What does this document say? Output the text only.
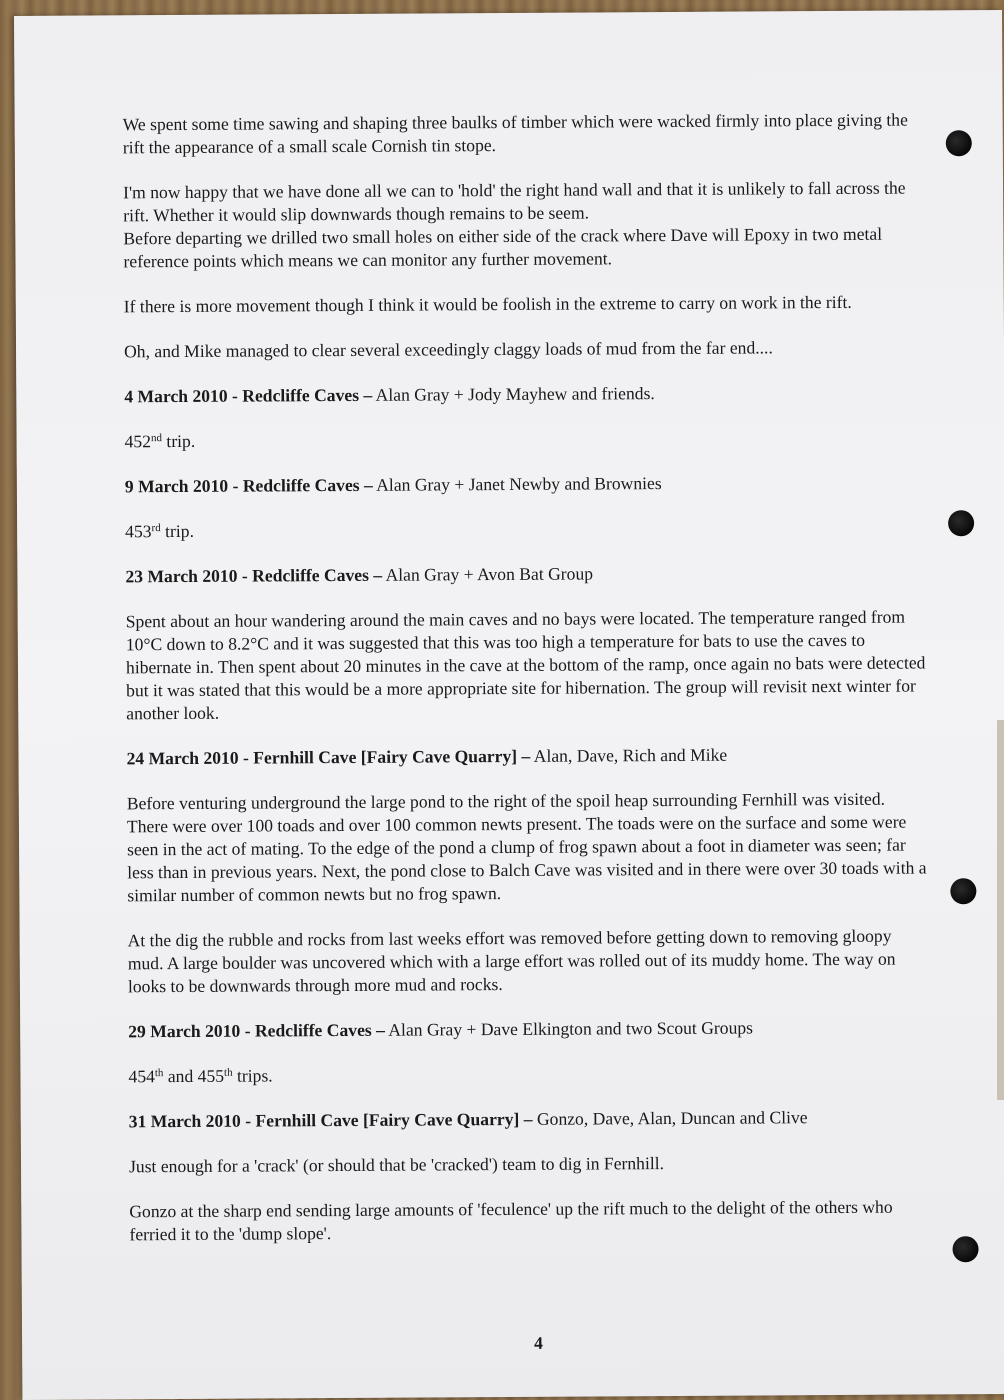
We spent some time sawing and shaping three baulks of timber which were wacked firmly into place giving the rift the appearance of a small scale Cornish tin stope.

I'm now happy that we have done all we can to 'hold' the right hand wall and that it is unlikely to fall across the rift. Whether it would slip downwards though remains to be seem.

Before departing we drilled two small holes on either side of the crack where Dave will Epoxy in two metal reference points which means we can monitor any further movement.

If there is more movement though I think it would be foolish in the extreme to carry on work in the rift.

Oh, and Mike managed to clear several exceedingly claggy loads of mud from the far end....

4 March 2010 - Redcliffe Caves – Alan Gray + Jody Mayhew and friends.

452nd trip.

9 March 2010 - Redcliffe Caves – Alan Gray + Janet Newby and Brownies

453rd trip.

23 March 2010 - Redcliffe Caves – Alan Gray + Avon Bat Group

Spent about an hour wandering around the main caves and no bays were located. The temperature ranged from 10°C down to 8.2°C and it was suggested that this was too high a temperature for bats to use the caves to hibernate in. Then spent about 20 minutes in the cave at the bottom of the ramp, once again no bats were detected but it was stated that this would be a more appropriate site for hibernation. The group will revisit next winter for another look.

24 March 2010 - Fernhill Cave [Fairy Cave Quarry] – Alan, Dave, Rich and Mike

Before venturing underground the large pond to the right of the spoil heap surrounding Fernhill was visited. There were over 100 toads and over 100 common newts present. The toads were on the surface and some were seen in the act of mating. To the edge of the pond a clump of frog spawn about a foot in diameter was seen; far less than in previous years. Next, the pond close to Balch Cave was visited and in there were over 30 toads with a similar number of common newts but no frog spawn.

At the dig the rubble and rocks from last weeks effort was removed before getting down to removing gloopy mud. A large boulder was uncovered which with a large effort was rolled out of its muddy home. The way on looks to be downwards through more mud and rocks.

29 March 2010 - Redcliffe Caves – Alan Gray + Dave Elkington and two Scout Groups

454th and 455th trips.

31 March 2010 - Fernhill Cave [Fairy Cave Quarry] – Gonzo, Dave, Alan, Duncan and Clive

Just enough for a 'crack' (or should that be 'cracked') team to dig in Fernhill.

Gonzo at the sharp end sending large amounts of 'feculence' up the rift much to the delight of the others who ferried it to the 'dump slope'.

4
